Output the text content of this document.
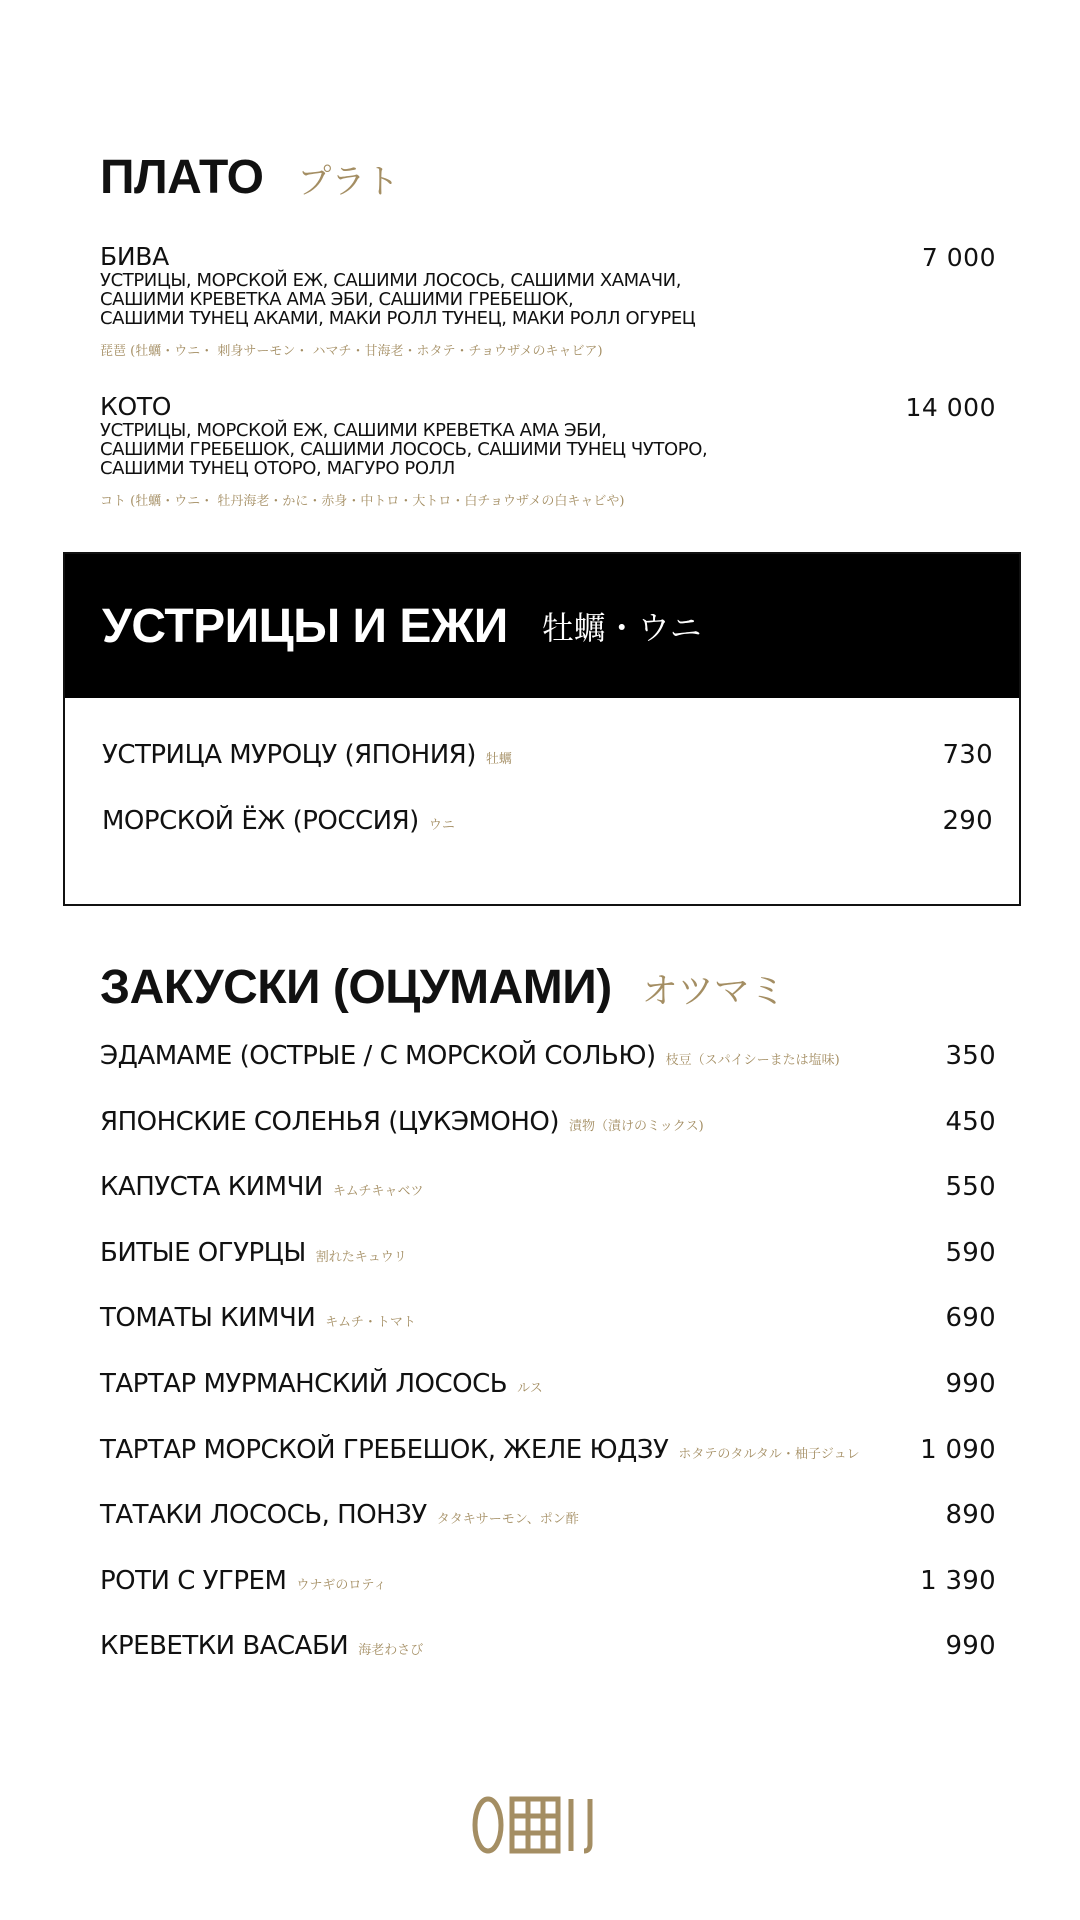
ПЛАТО プラト
БИВА
УСТРИЦЫ, МОРСКОЙ ЕЖ, САШИМИ ЛОСОСЬ, САШИМИ ХАМАЧИ,
САШИМИ КРЕВЕТКА АМА ЭБИ, САШИМИ ГРЕБЕШОК,
САШИМИ ТУНЕЦ АКАМИ, МАКИ РОЛЛ ТУНЕЦ, МАКИ РОЛЛ ОГУРЕЦ
琵琶 (牡蠣・ウニ・ 刺身サーモン・ ハマチ・甘海老・ホタテ・チョウザメのキャビア)
7 000
КОТО
УСТРИЦЫ, МОРСКОЙ ЕЖ, САШИМИ КРЕВЕТКА АМА ЭБИ,
САШИМИ ГРЕБЕШОК, САШИМИ ЛОСОСЬ, САШИМИ ТУНЕЦ ЧУТОРО,
САШИМИ ТУНЕЦ ОТОРО, МАГУРО РОЛЛ
コト (牡蠣・ウニ・ 牡丹海老・かに・赤身・中トロ・大トロ・白チョウザメの白キャビや)
14 000
УСТРИЦЫ И ЕЖИ 牡蠣・ウニ
УСТРИЦА МУРОЦУ (ЯПОНИЯ) 牡蠣	730
МОРСКОЙ ЁЖ (РОССИЯ) ウニ	290
ЗАКУСКИ (ОЦУМАМИ) オツマミ
ЭДАМАМЕ (ОСТРЫЕ / С МОРСКОЙ СОЛЬЮ) 枝豆（スパイシーまたは塩味)	350
ЯПОНСКИЕ СОЛЕНЬЯ (ЦУКЭМОНО) 漬物（漬けのミックス)	450
КАПУСТА КИМЧИ キムチキャベツ	550
БИТЫЕ ОГУРЦЫ 割れたキュウリ	590
ТОМАТЫ КИМЧИ キムチ・トマト	690
ТАРТАР МУРМАНСКИЙ ЛОСОСЬ ルス	990
ТАРТАР МОРСКОЙ ГРЕБЕШОК, ЖЕЛЕ ЮДЗУ ホタテのタルタル・柚子ジュレ 1 090
ТАТАКИ ЛОСОСЬ, ПОНЗУ タタキサーモン、ポン酢	890
РОТИ С УГРЕМ ウナギのロティ	1 390
КРЕВЕТКИ ВАСАБИ 海老わさび	990
